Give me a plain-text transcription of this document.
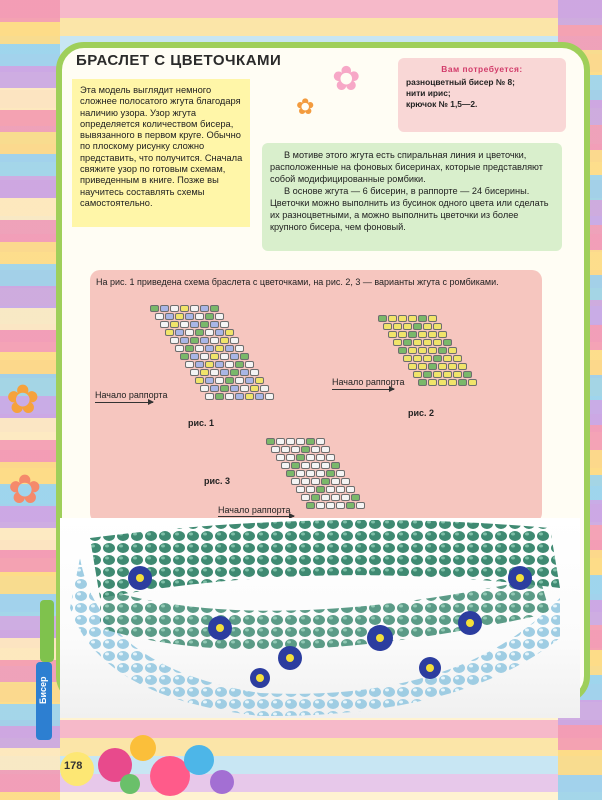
✿
✿
БРАСЛЕТ С ЦВЕТОЧКАМИ ✿
✿
Эта модель выглядит немного сложнее полосатого жгута благодаря наличию узора. Узор жгута определяется количеством бисера, вывязанного в первом круге. Обычно по плоскому рисунку сложно представить, что получится. Сначала свяжите узор по готовым схемам, приведенным в книге. Позже вы научитесь составлять схемы самостоятельно.
Вам потребуется:
разноцветный бисер № 8;
нити ирис;
крючок № 1,5—2.

В мотиве этого жгута есть спиральная линия и цветочки, расположенные на фоновых бисеринах, которые представляют собой модифицированные ромбики.

В основе жгута — 6 бисерин, в раппорте — 24 бисерины. Цветочки можно выполнить из бусинок одного цвета или сделать их разноцветными, а можно выполнить цветочки из более крупного бисера, чем фоновый.

На рис. 1 приведена схема браслета с цветочками, на рис. 2, 3 — варианты жгута с ромбиками.
Начало раппорта
рис. 1
Начало раппорта
рис. 2
рис. 3
Начало раппорта
Бисер
178
